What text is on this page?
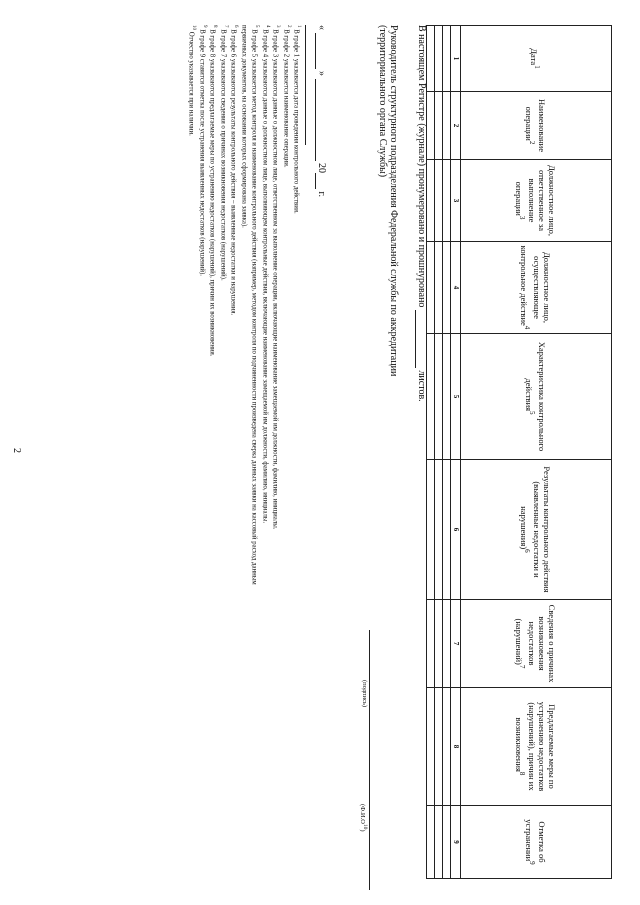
2
Дата$^1$	Наименование операции$^2$	Должностное лицо, ответственное за выполнение операции$^3$	Должностное лицо, осуществляющее контрольное действие$^4$	Характеристика контрольного действия$^5$	Результаты контрольного действия (выявленные недостатки и нарушения)$^6$	Сведения о причинах возникновения недостатков (нарушений)$^7$	Предлагаемые меры по устранению недостатков (нарушений), причин их возникновения$^8$	Отметка об устранении$^9$
1	2	3	4	5	6	7	8	9

В настоящем Регистре (журнале) пронумеровано и прошнуровано  листов.
Руководитель структурного подразделения Федеральной службы по аккредитации
(территориального органа Службы)
(подпись)
$(Ф.И.О^{10})$
«  »  20 г.
$^1$ В графе 1 указывается дата проведения контрольного действия.
$^2$ В графе 2 указывается наименование операции.
$^3$ В графе 3 указываются данные о должностном лице, ответственном за выполнение операции, включающие наименование замещаемой им должности, фамилию, инициалы.
$^4$ В графе 4 указываются данные о должностном лице, выполняющем контрольные действия, включающие наименование замещаемой им должности, фамилию, инициалы.
$^5$ В графе 5 указывается метод контроля и наименование контрольного действия (например, методом контроля по подчиненности произведена сверка данных заявки на кассовый расход данным
первичных документов, на основании которых сформирована заявка).
$^6$ В графе 6 указываются результаты контрольного действия – выявленные недостатки и нарушения.
$^7$ В графе 7 указываются сведения о причинах возникновения недостатков (нарушений).
$^8$ В графе 8 указываются предлагаемые меры по устранению недостатков (нарушений), причин их возникновения.
$^9$ В графе 9 ставится отметка после устранения выявленных недостатков (нарушений).
$^{10}$ Отчество указывается при наличии.
